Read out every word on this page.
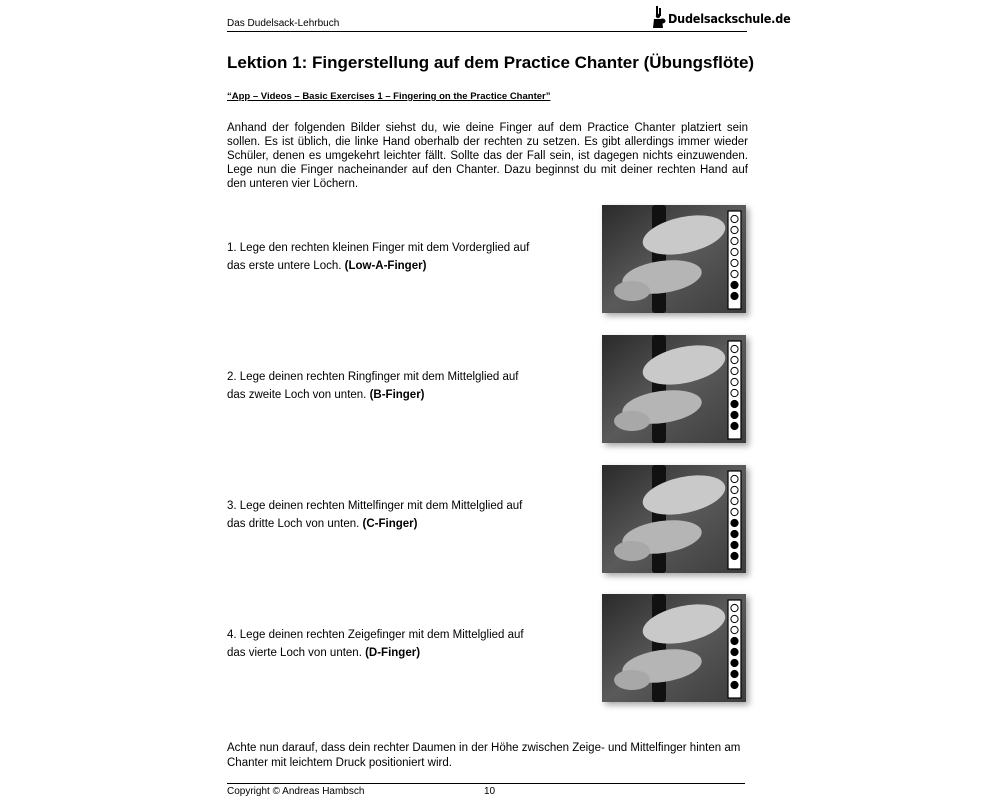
Das Dudelsack-Lehrbuch	Dudelsackschule.de
Lektion 1: Fingerstellung auf dem Practice Chanter (Übungsflöte)
“App – Videos – Basic Exercises 1 – Fingering on the Practice Chanter”

Anhand der folgenden Bilder siehst du, wie deine Finger auf dem Practice Chanter platziert sein sollen. Es ist üblich, die linke Hand oberhalb der rechten zu setzen. Es gibt allerdings immer wieder Schüler, denen es umgekehrt leichter fällt. Sollte das der Fall sein, ist dagegen nichts einzuwenden. Lege nun die Finger nacheinander auf den Chanter. Dazu beginnst du mit deiner rechten Hand auf den unteren vier Löchern.

1. Lege den rechten kleinen Finger mit dem Vorderglied auf
das erste untere Loch. (Low-A-Finger)

2. Lege deinen rechten Ringfinger mit dem Mittelglied auf
das zweite Loch von unten. (B-Finger)

3. Lege deinen rechten Mittelfinger mit dem Mittelglied auf
das dritte Loch von unten. (C-Finger)

4. Lege deinen rechten Zeigefinger mit dem Mittelglied auf
das vierte Loch von unten. (D-Finger)

Achte nun darauf, dass dein rechter Daumen in der Höhe zwischen Zeige- und Mittelfinger hinten am Chanter mit leichtem Druck positioniert wird.

Copyright © Andreas Hambsch	10
